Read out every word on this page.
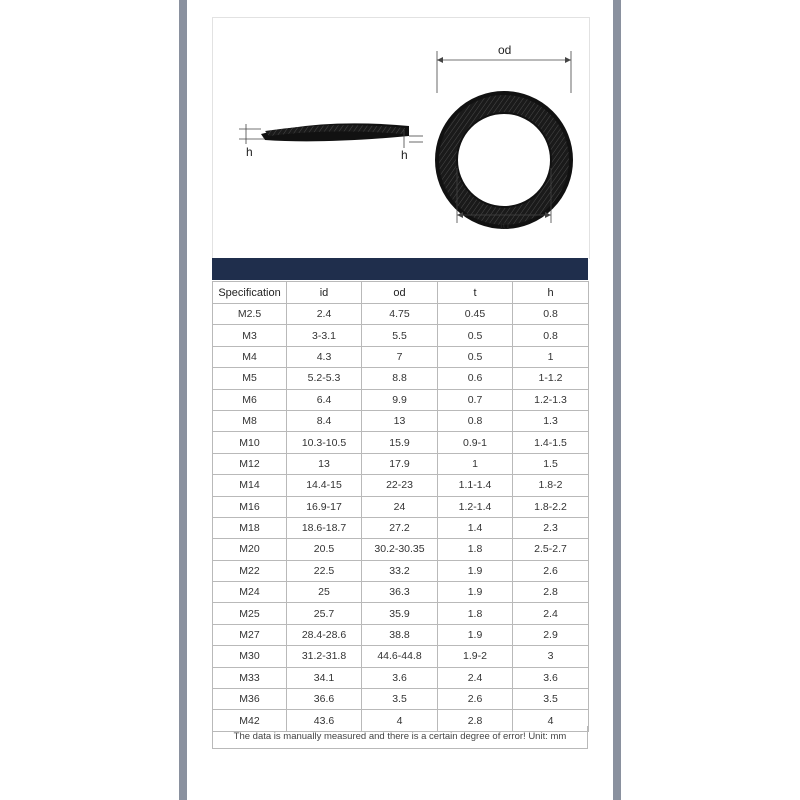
od
id
h	h
Specification	id	od	t	h
M2.5	2.4	4.75	0.45	0.8
M3	3-3.1	5.5	0.5	0.8
M4	4.3	7	0.5	1
M5	5.2-5.3	8.8	0.6	1-1.2
M6	6.4	9.9	0.7	1.2-1.3
M8	8.4	13	0.8	1.3
M10	10.3-10.5	15.9	0.9-1	1.4-1.5
M12	13	17.9	1	1.5
M14	14.4-15	22-23	1.1-1.4	1.8-2
M16	16.9-17	24	1.2-1.4	1.8-2.2
M18	18.6-18.7	27.2	1.4	2.3
M20	20.5	30.2-30.35	1.8	2.5-2.7
M22	22.5	33.2	1.9	2.6
M24	25	36.3	1.9	2.8
M25	25.7	35.9	1.8	2.4
M27	28.4-28.6	38.8	1.9	2.9
M30	31.2-31.8	44.6-44.8	1.9-2	3
M33	34.1	3.6	2.4	3.6
M36	36.6	3.5	2.6	3.5
M42	43.6	4	2.8	4
The data is manually measured and there is a certain degree of error! Unit: mm
